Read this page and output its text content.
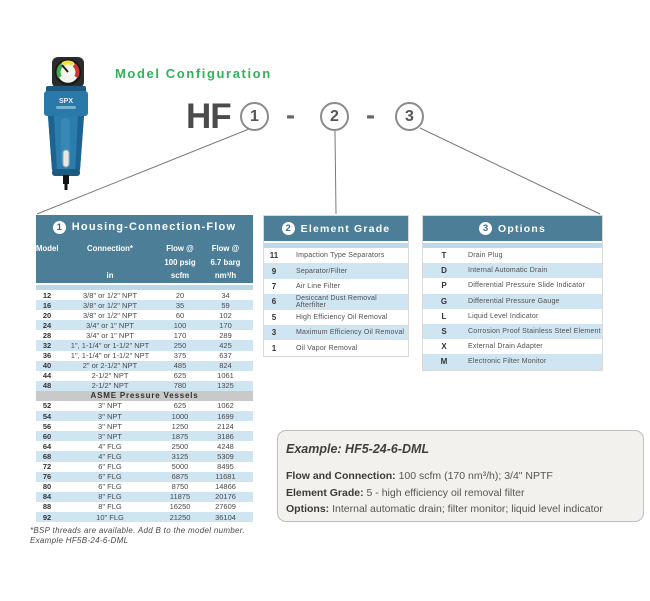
SPX
Model Configuration
HF	1	-	2	-	3
1 Housing-Connection-Flow
Model	Connection*
in
Flow @
100 psig
scfm
Flow @
6.7 barg
nm³/h
12	3/8" or 1/2" NPT	20	34
16	3/8" or 1/2" NPT	35	59
20	3/8" or 1/2" NPT	60	102
24	3/4" or 1" NPT	100	170
28	3/4" or 1" NPT	170	289
32	1", 1-1/4" or 1-1/2" NPT	250	425
36	1", 1-1/4" or 1-1/2" NPT	375	637
40	2" or 2-1/2" NPT	485	824
44	2-1/2" NPT	625	1061
48	2-1/2" NPT	780	1325
ASME Pressure Vessels
52	3" NPT	625	1062
54	3" NPT	1000	1699
56	3" NPT	1250	2124
60	3" NPT	1875	3186
64	4" FLG	2500	4248
68	4" FLG	3125	5309
72	6" FLG	5000	8495
76	6" FLG	6875	11681
80	6" FLG	8750	14866
84	8" FLG	11875	20176
88	8" FLG	16250	27609
92	10" FLG	21250	36104
2 Element Grade
11	Impaction Type Separators
9	Separator/Filter
7	Air Line Filter
6	Desiccant Dust Removal Afterfilter
5	High Efficiency Oil Removal
3	Maximum Efficiency Oil Removal
1	Oil Vapor Removal
3 Options
T	Drain Plug
D	Internal Automatic Drain
P	Differential Pressure Slide Indicator
G	Differential Pressure Gauge
L	Liquid Level Indicator
S	Corrosion Proof Stainless Steel Element
X	External Drain Adapter
M	Electronic Filter Monitor
*BSP threads are available. Add B to the model number.
Example HF5B-24-6-DML
Example: HF5-24-6-DML
Flow and Connection: 100 scfm (170 nm³/h); 3/4" NPTF
Element Grade: 5 - high efficiency oil removal filter
Options: Internal automatic drain; filter monitor; liquid level indicator
